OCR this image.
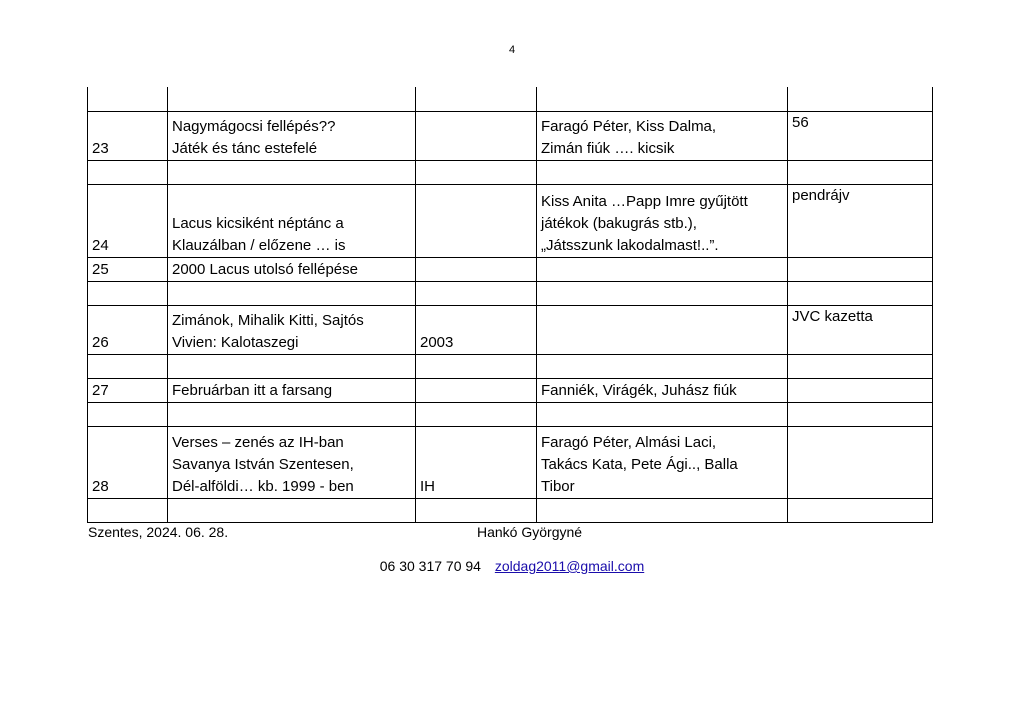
4

23	Nagymágocsi fellépés??
Játék és tánc estefelé		Faragó Péter, Kiss Dalma,
Zimán fiúk …. kicsik	56

24	Lacus kicsiként néptánc a
Klauzálban / előzene … is		Kiss Anita …Papp Imre gyűjtött
játékok (bakugrás stb.),
„Játsszunk lakodalmast!..”.	pendrájv
25	2000 Lacus utolsó fellépése			

26	Zimánok, Mihalik Kitti, Sajtós
Vivien: Kalotaszegi	2003		JVC kazetta

27	Februárban itt a farsang		Fanniék, Virágék, Juhász fiúk	

28	Verses – zenés az IH-ban
Savanya István Szentesen,
Dél-alföldi… kb. 1999 - ben	IH	Faragó Péter, Almási Laci,
Takács Kata, Pete Ági.., Balla
Tibor	

Szentes, 2024. 06. 28.	Hankó Györgyné
06 30 317 70 94 zoldag2011@gmail.com
